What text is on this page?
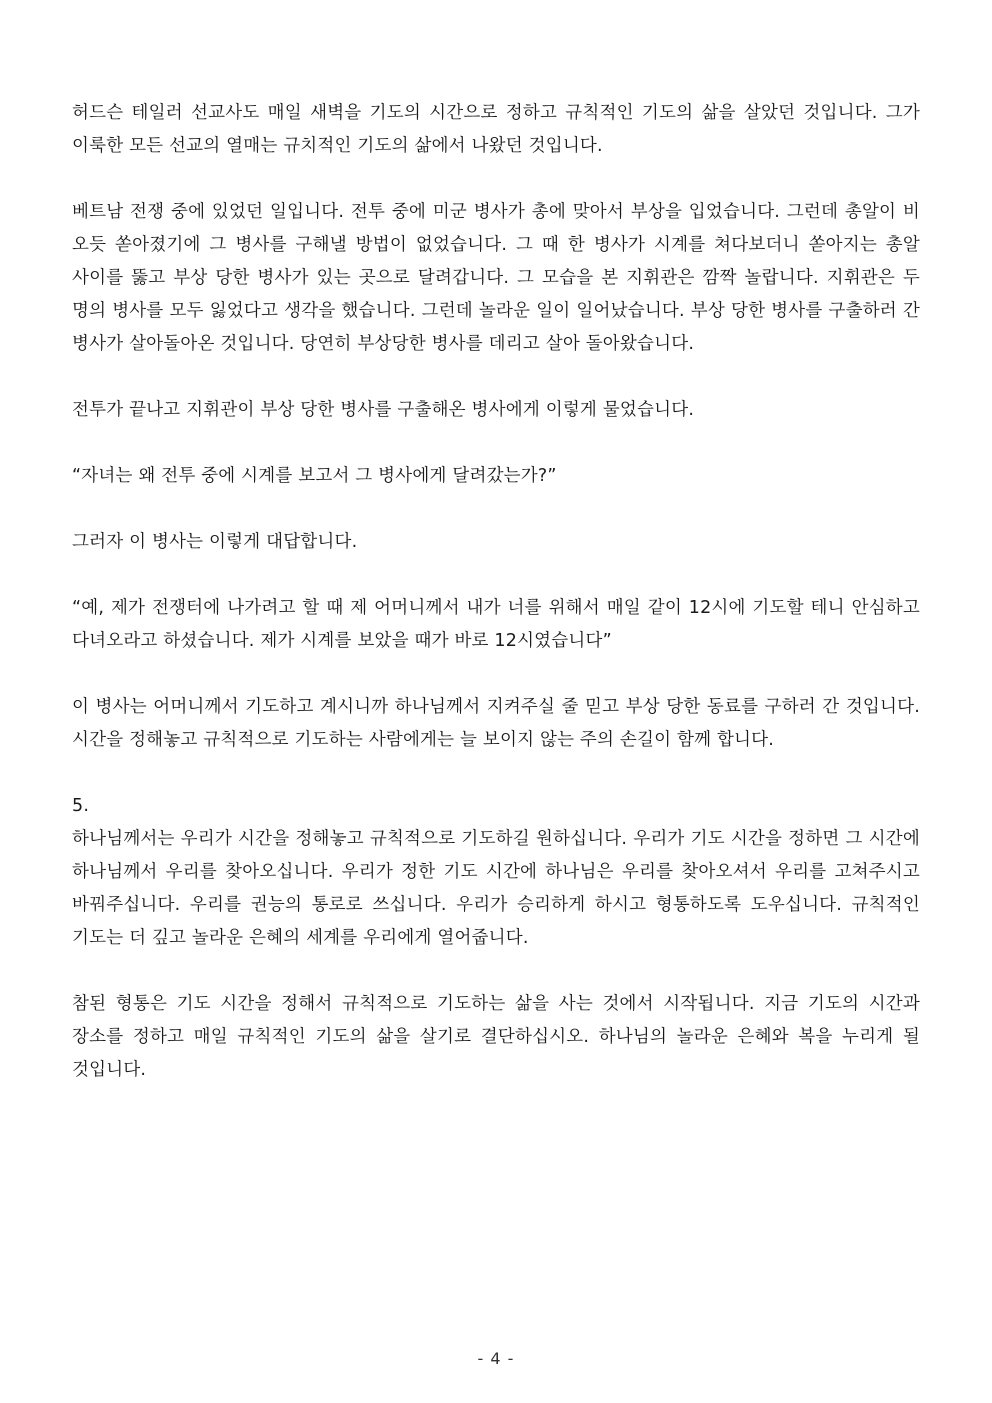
허드슨 테일러 선교사도 매일 새벽을 기도의 시간으로 정하고 규칙적인 기도의 삶을 살았던 것입니다. 그가 이룩한 모든 선교의 열매는 규치적인 기도의 삶에서 나왔던 것입니다.

베트남 전쟁 중에 있었던 일입니다. 전투 중에 미군 병사가 총에 맞아서 부상을 입었습니다. 그런데 총알이 비 오듯 쏟아졌기에 그 병사를 구해낼 방법이 없었습니다. 그 때 한 병사가 시계를 쳐다보더니 쏟아지는 총알 사이를 뚫고 부상 당한 병사가 있는 곳으로 달려갑니다. 그 모습을 본 지휘관은 깜짝 놀랍니다. 지휘관은 두 명의 병사를 모두 잃었다고 생각을 했습니다. 그런데 놀라운 일이 일어났습니다. 부상 당한 병사를 구출하러 간 병사가 살아돌아온 것입니다. 당연히 부상당한 병사를 데리고 살아 돌아왔습니다.

전투가 끝나고 지휘관이 부상 당한 병사를 구출해온 병사에게 이렇게 물었습니다.

“자녀는 왜 전투 중에 시계를 보고서 그 병사에게 달려갔는가?”

그러자 이 병사는 이렇게 대답합니다.

“예, 제가 전쟁터에 나가려고 할 때 제 어머니께서 내가 너를 위해서 매일 같이 12시에 기도할 테니 안심하고 다녀오라고 하셨습니다. 제가 시계를 보았을 때가 바로 12시였습니다”

이 병사는 어머니께서 기도하고 계시니까 하나님께서 지켜주실 줄 믿고 부상 당한 동료를 구하러 간 것입니다. 시간을 정해놓고 규칙적으로 기도하는 사람에게는 늘 보이지 않는 주의 손길이 함께 합니다.

5.

하나님께서는 우리가 시간을 정해놓고 규칙적으로 기도하길 원하십니다. 우리가 기도 시간을 정하면 그 시간에 하나님께서 우리를 찾아오십니다. 우리가 정한 기도 시간에 하나님은 우리를 찾아오셔서 우리를 고쳐주시고 바꿔주십니다. 우리를 권능의 통로로 쓰십니다. 우리가 승리하게 하시고 형통하도록 도우십니다. 규칙적인 기도는 더 깊고 놀라운 은혜의 세계를 우리에게 열어줍니다.

참된 형통은 기도 시간을 정해서 규칙적으로 기도하는 삶을 사는 것에서 시작됩니다. 지금 기도의 시간과 장소를 정하고 매일 규칙적인 기도의 삶을 살기로 결단하십시오. 하나님의 놀라운 은혜와 복을 누리게 될 것입니다.

- 4 -
